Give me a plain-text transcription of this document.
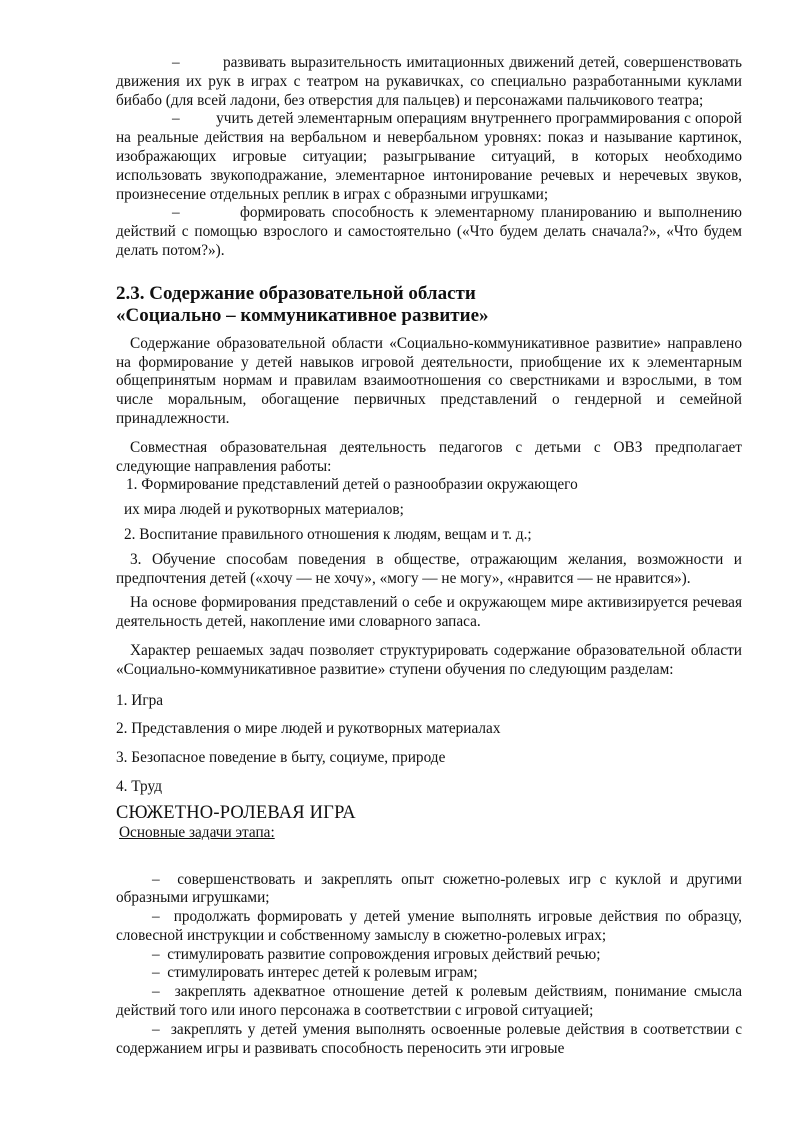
–         развивать выразительность имитационных движений детей, совершенствовать движения их рук в играх с театром на рукавичках, со специально разработанными куклами бибабо (для всей ладони, без отверстия для пальцев) и персонажами пальчикового театра;

–         учить детей элементарным операциям внутреннего программирования с опорой на реальные действия на вербальном и невербальном уровнях: показ и называние картинок, изображающих игровые ситуации; разыгрывание ситуаций, в которых необходимо использовать звукоподражание, элементарное интонирование речевых и неречевых звуков, произнесение отдельных реплик в играх с образными игрушками;

–         формировать способность к элементарному планированию и выполнению действий с помощью взрослого и самостоятельно («Что будем делать сначала?», «Что будем делать потом?»).

2.3. Содержание образовательной области

«Социально – коммуникативное развитие»

Содержание образовательной области «Социально-коммуникативное развитие» направлено на формирование у детей навыков игровой деятельности, приобщение их к элементарным общепринятым нормам и правилам взаимоотношения со сверстниками и взрослыми, в том числе моральным, обогащение первичных представлений о гендерной и семейной принадлежности.

Совместная образовательная деятельность педагогов с детьми с ОВЗ предполагает следующие направления работы:

1. Формирование представлений детей о разнообразии окружающего

их мира людей и рукотворных материалов;

2. Воспитание правильного отношения к людям, вещам и т. д.;

3. Обучение способам поведения в обществе, отражающим желания, возможности и предпочтения детей («хочу — не хочу», «могу — не могу», «нравится — не нравится»).

На основе формирования представлений о себе и окружающем мире активизируется речевая деятельность детей, накопление ими словарного запаса.

Характер решаемых задач позволяет структурировать содержание образовательной области «Социально-коммуникативное развитие» ступени обучения по следующим разделам:

1. Игра

2. Представления о мире людей и рукотворных материалах

3. Безопасное поведение в быту, социуме, природе

4. Труд

СЮЖЕТНО-РОЛЕВАЯ ИГРА

Основные задачи этапа:

–  совершенствовать и закреплять опыт сюжетно-ролевых игр с куклой и другими образными игрушками;

–  продолжать формировать у детей умение выполнять игровые действия по образцу, словесной инструкции и собственному замыслу в сюжетно-ролевых играх;

–  стимулировать развитие сопровождения игровых действий речью;

–  стимулировать интерес детей к ролевым играм;

–  закреплять адекватное отношение детей к ролевым действиям, понимание смысла действий того или иного персонажа в соответствии с игровой ситуацией;

–  закреплять у детей умения выполнять освоенные ролевые действия в соответствии с содержанием игры и развивать способность переносить эти игровые
